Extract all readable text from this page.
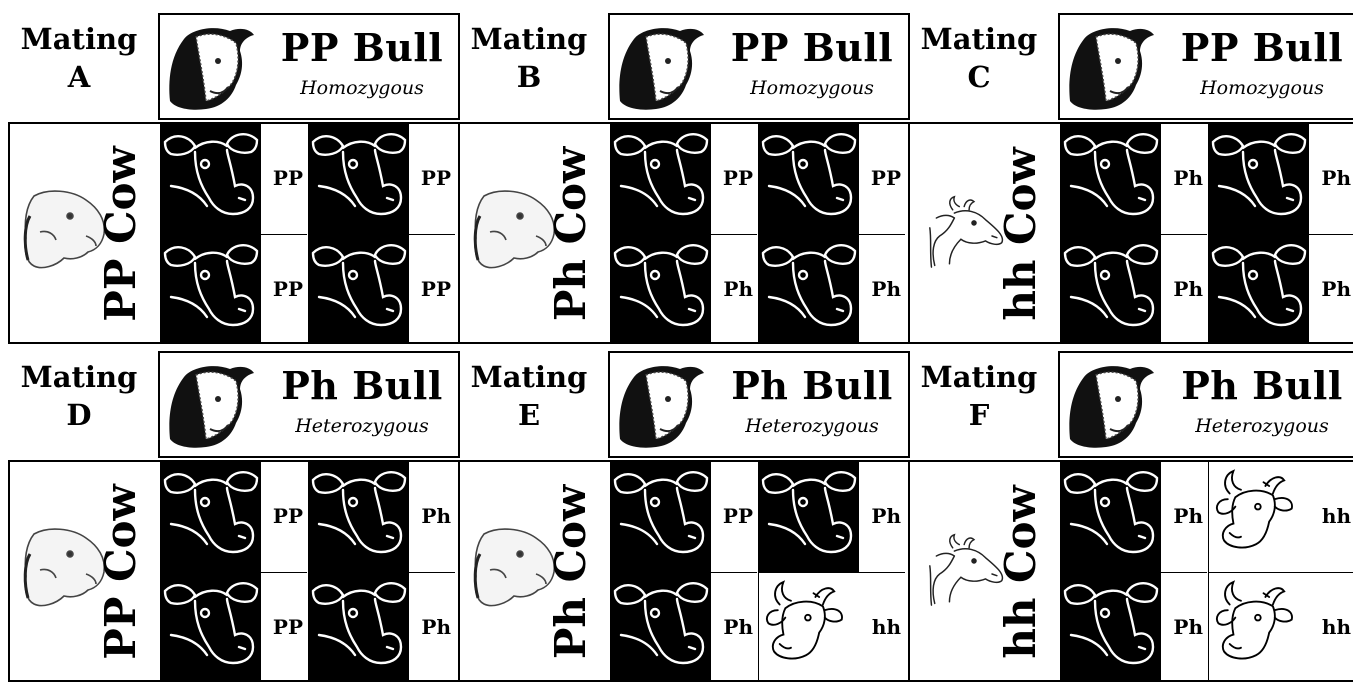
Mating
A
PP Bull
Homozygous
PP Cow	PP	PP
PP	PP
Mating
B
PP Bull
Homozygous
Ph Cow	PP	PP
Ph	Ph
Mating
C
PP Bull
Homozygous
hh Cow	Ph	Ph
Ph	Ph
Mating
D
Ph Bull
Heterozygous
PP Cow	PP	Ph
PP	Ph
Mating
E
Ph Bull
Heterozygous
Ph Cow	PP	Ph
Ph	hh
Mating
F
Ph Bull
Heterozygous
hh Cow	Ph	hh
Ph	hh
